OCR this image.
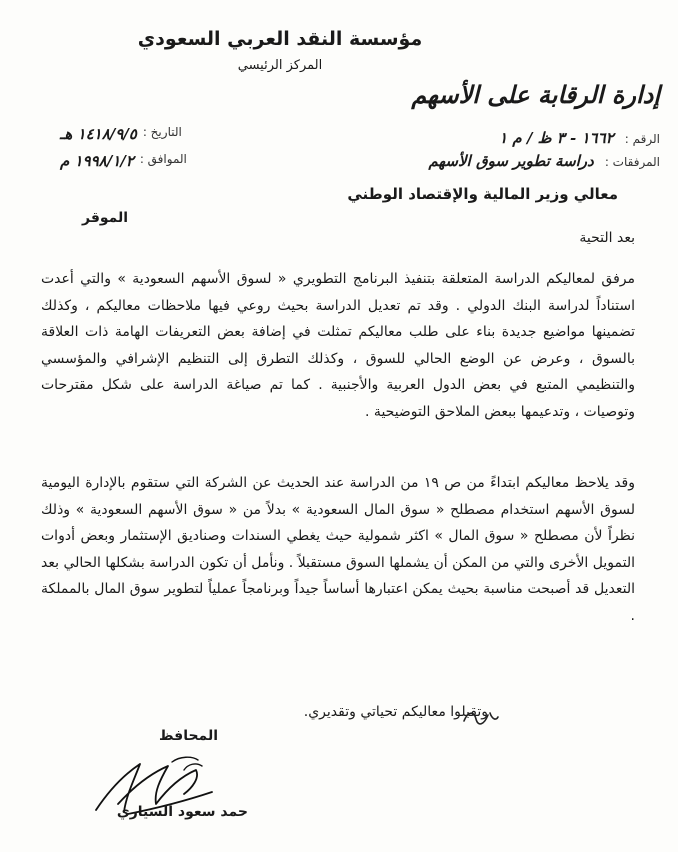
مؤسسة النقد العربي السعودي
المركز الرئيسي
إدارة الرقابة على الأسهم
الرقم : ١٦٦٢ - ٣ ظ / م ١
المرفقات : دراسة تطوير سوق الأسهم
التاريخ :
١٤١٨/٩/٥ هـ
الموافق :
١٩٩٨/١/٢ م
معالي وزير المالية والإقتصاد الوطني
الموقر
بعد التحية
مرفق لمعاليكم الدراسة المتعلقة بتنفيذ البرنامج التطويري « لسوق الأسهم السعودية » والتي أعدت استناداً لدراسة البنك الدولي . وقد تم تعديل الدراسة بحيث روعي فيها ملاحظات معاليكم ، وكذلك تضمينها مواضيع جديدة بناء على طلب معاليكم تمثلت في إضافة بعض التعريفات الهامة ذات العلاقة بالسوق ، وعرض عن الوضع الحالي للسوق ، وكذلك التطرق إلى التنظيم الإشرافي والمؤسسي والتنظيمي المتبع في بعض الدول العربية والأجنبية . كما تم صياغة الدراسة على شكل مقترحات وتوصيات ، وتدعيمها ببعض الملاحق التوضيحية .
وقد يلاحظ معاليكم ابتداءً من ص ١٩ من الدراسة عند الحديث عن الشركة التي ستقوم بالإدارة اليومية لسوق الأسهم استخدام مصطلح « سوق المال السعودية » بدلاً من « سوق الأسهم السعودية » وذلك نظراً لأن مصطلح « سوق المال » اكثر شمولية حيث يغطي السندات وصناديق الإستثمار وبعض أدوات التمويل الأخرى والتي من المكن أن يشملها السوق مستقبلاً . ونأمل أن تكون الدراسة بشكلها الحالي بعد التعديل قد أصبحت مناسبة بحيث يمكن اعتبارها أساساً جيداً وبرنامجاً عملياً لتطوير سوق المال بالمملكة .
وتقبلوا معاليكم تحياتي وتقديري.
المحافظ
حمد سعود السياري
